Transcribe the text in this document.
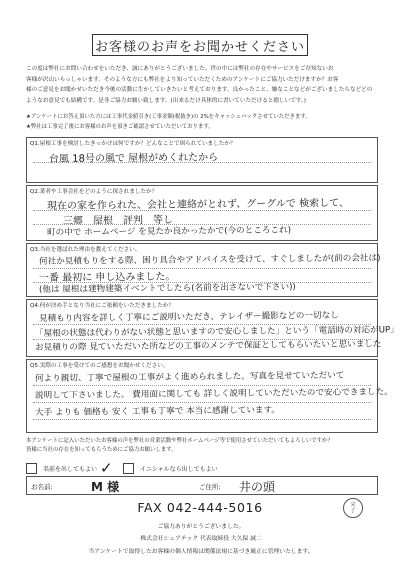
お客様のお声をお聞かせください
この度は弊社にお問い合わせをいただき、誠にありがとうございました。世の中には弊社の存在やサービスをご存知ないお
客様が沢山いらっしゃいます。そのような方にも弊社をより知っていただくためのアンケートにご協力いただけますか？お客
様のご意見をお聞かせいただき今後の活動に生かしていきたいと考えております。良かったこと、嫌なことなどがございましたらなどどの
ようなお意見でも結構です。是非ご協力お願い致します。(出来るだけ具体的に書いていただけると嬉しいです。)
★アンケートにお答え頂いた方には工事代金値引き(工事金額(税抜き)の 2%をキャッシュバックさせていただきます。
★弊社は工事完了後にお客様のお声を頂きご確認させていただいております。
Q1.屋根工事を検討したきっかけは何ですか？どんなことで困られていましたか？
台風 18号の風で 屋根がめくれたから
Q2.業者や工事会社をどのように探されましたか？
現在の家を作られた、会社と連絡がとれず、グーグルで 検索して、
三郷　屋根　評判　等し
町の中で ホームページ を見たか良かったかで(今のところこれ)
Q3.当社を選ばれた理由を教えてください。
何社か見積もりをする際、困り具合やアドバイスを受けて、すぐしましたが(前の会社は)
一番 最初に 申し込みました。
(他は 屋根は建物建築イベントでしたら(名前を出さないで下さい))
Q4.何が決め手となり当社にご依頼をいただきましたか？
見積もり内容を詳しく丁寧にご説明いただき、テレイザー撮影などの一切なし
「屋根の状態は代わりがない状態と思いますので安心しました」という「電話時の対応がUP」
お見積りの際 見ていただいた所などの工事のメンテで保証としてもらいたいと思いました
Q5.実際の工事を受けてのご感想をお聞かせください。
何より親切、丁寧で屋根の工事がよく進められました。写真を見せていただいて
説明して下さいました。 費用面に関しても 詳しく説明していただいたので安心できました。
大手 よりも 価格も 安く 工事も丁寧で 本当に感謝しています。
本アンケートに記入いただいたお客様の声を弊社の営業活動や弊社ホームページ等で使用させていただいてもよろしいですか？
皆様に当社の存在を知ってもらうためにご協力お願いします。
名前を出してもよい	イニシャルなら出してもよい
✓
お名前:	M 様	ご住所: 井の頭
FAX 042-444-5016	完
了
ご協力ありがとうございました。
株式会社シェアテック 代表取締役 大久保 誠二
当アンケートで取得したお客様の個人情報は関係法規に基づき厳正に管理いたします。
